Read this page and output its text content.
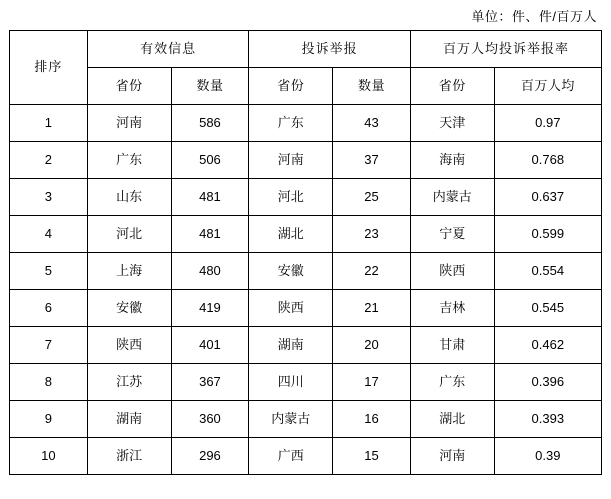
单位：件、件/百万人
排序	有效信息		投诉举报		百万人均投诉举报率	
	省份	数量	省份	数量	省份	百万人均
1	河南	586	广东	43	天津	0.97
2	广东	506	河南	37	海南	0.768
3	山东	481	河北	25	内蒙古	0.637
4	河北	481	湖北	23	宁夏	0.599
5	上海	480	安徽	22	陕西	0.554
6	安徽	419	陕西	21	吉林	0.545
7	陕西	401	湖南	20	甘肃	0.462
8	江苏	367	四川	17	广东	0.396
9	湖南	360	内蒙古	16	湖北	0.393
10	浙江	296	广西	15	河南	0.39
